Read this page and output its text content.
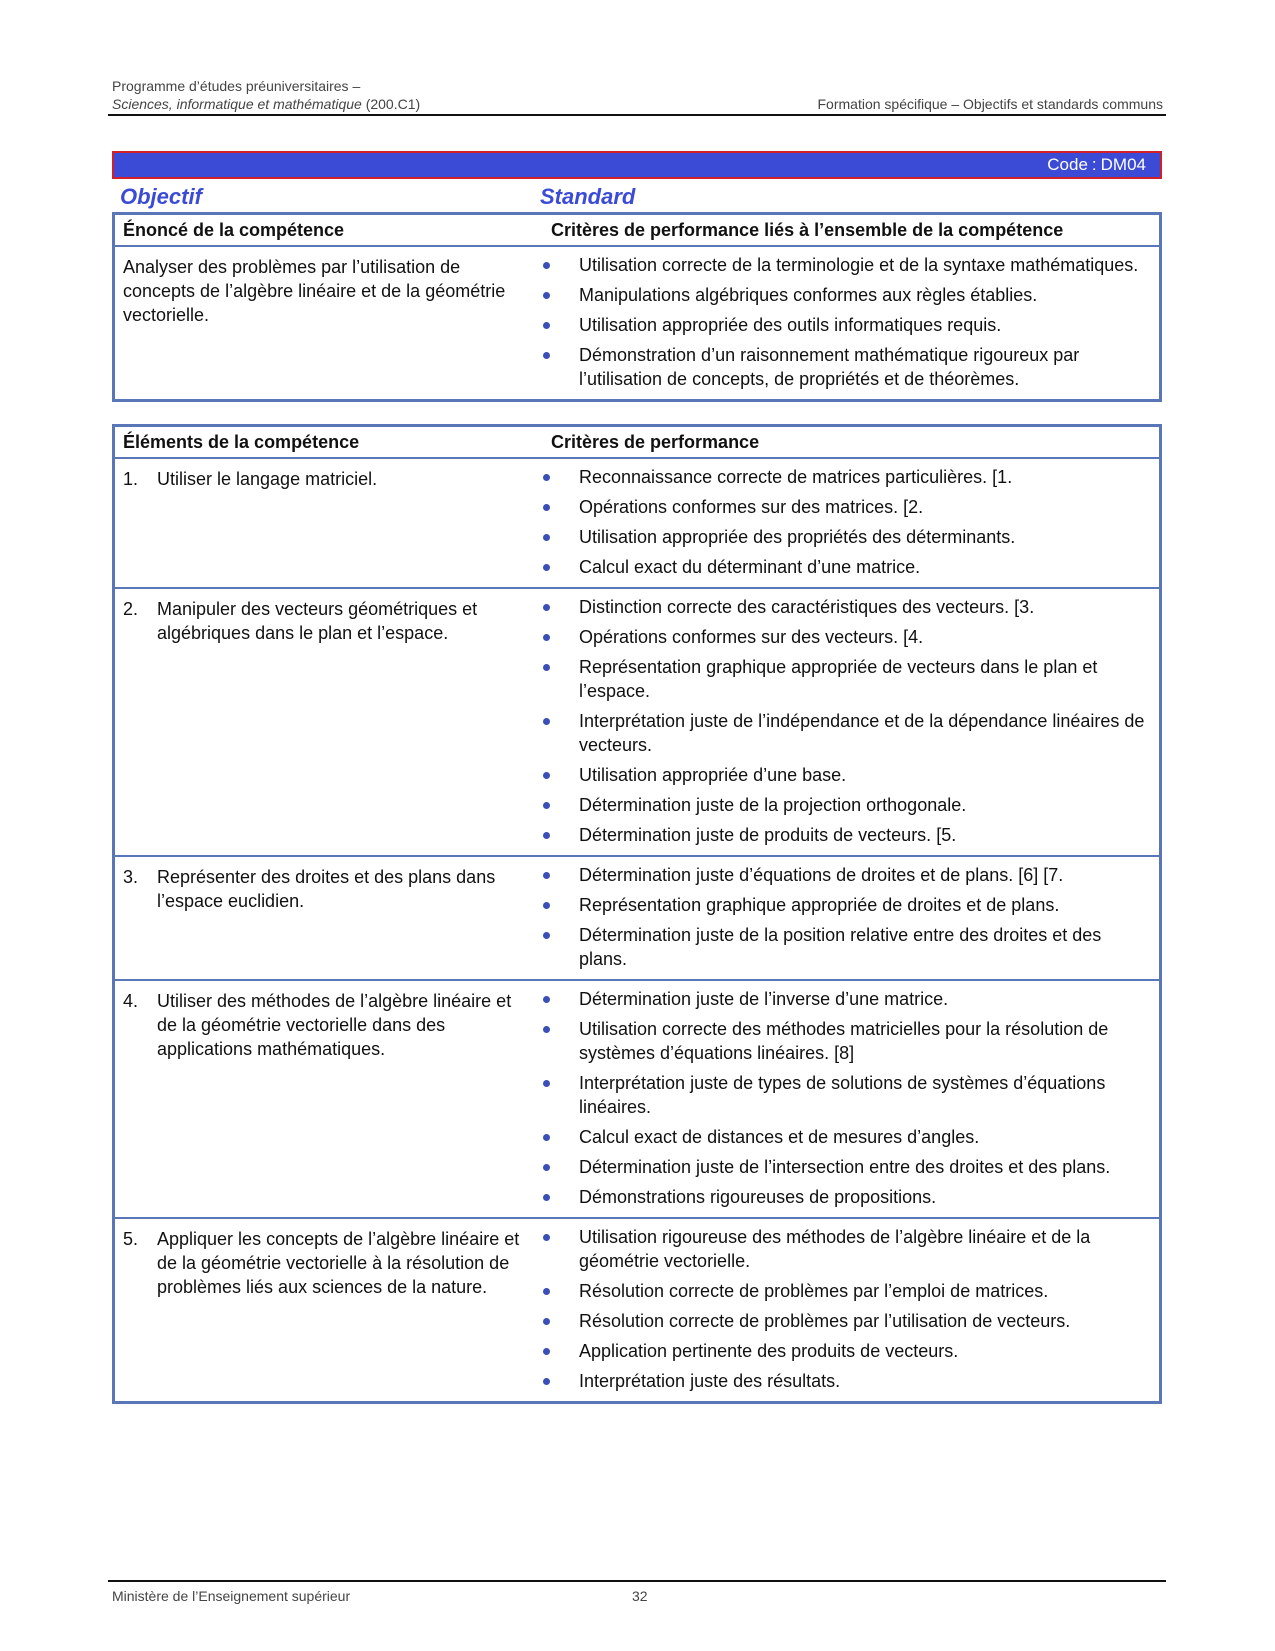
Programme d’études préuniversitaires –
Sciences, informatique et mathématique (200.C1)	Formation spécifique – Objectifs et standards communs
Code : DM04
Objectif	Standard
Énoncé de la compétence	Critères de performance liés à l’ensemble de la compétence
Analyser des problèmes par l’utilisation de concepts de l’algèbre linéaire et de la géométrie vectorielle.
Utilisation correcte de la terminologie et de la syntaxe mathématiques.
Manipulations algébriques conformes aux règles établies.
Utilisation appropriée des outils informatiques requis.
Démonstration d’un raisonnement mathématique rigoureux par l’utilisation de concepts, de propriétés et de théorèmes.
Éléments de la compétence	Critères de performance
1.	Utiliser le langage matriciel.	Reconnaissance correcte de matrices particulières. [1.
Opérations conformes sur des matrices. [2.
Utilisation appropriée des propriétés des déterminants.
Calcul exact du déterminant d’une matrice.
2.	Manipuler des vecteurs géométriques et algébriques dans le plan et l’espace.
Distinction correcte des caractéristiques des vecteurs. [3.
Opérations conformes sur des vecteurs. [4.
Représentation graphique appropriée de vecteurs dans le plan et l’espace.
Interprétation juste de l’indépendance et de la dépendance linéaires de vecteurs.
Utilisation appropriée d’une base.
Détermination juste de la projection orthogonale.
Détermination juste de produits de vecteurs. [5.
3.	Représenter des droites et des plans dans l’espace euclidien.
Détermination juste d’équations de droites et de plans. [6] [7.
Représentation graphique appropriée de droites et de plans.
Détermination juste de la position relative entre des droites et des plans.
4.	Utiliser des méthodes de l’algèbre linéaire et de la géométrie vectorielle dans des applications mathématiques.
Détermination juste de l’inverse d’une matrice.
Utilisation correcte des méthodes matricielles pour la résolution de systèmes d’équations linéaires. [8]
Interprétation juste de types de solutions de systèmes d’équations linéaires.
Calcul exact de distances et de mesures d’angles.
Détermination juste de l’intersection entre des droites et des plans.
Démonstrations rigoureuses de propositions.
5.	Appliquer les concepts de l’algèbre linéaire et de la géométrie vectorielle à la résolution de problèmes liés aux sciences de la nature.
Utilisation rigoureuse des méthodes de l’algèbre linéaire et de la géométrie vectorielle.
Résolution correcte de problèmes par l’emploi de matrices.
Résolution correcte de problèmes par l’utilisation de vecteurs.
Application pertinente des produits de vecteurs.
Interprétation juste des résultats.
Ministère de l’Enseignement supérieur	32
